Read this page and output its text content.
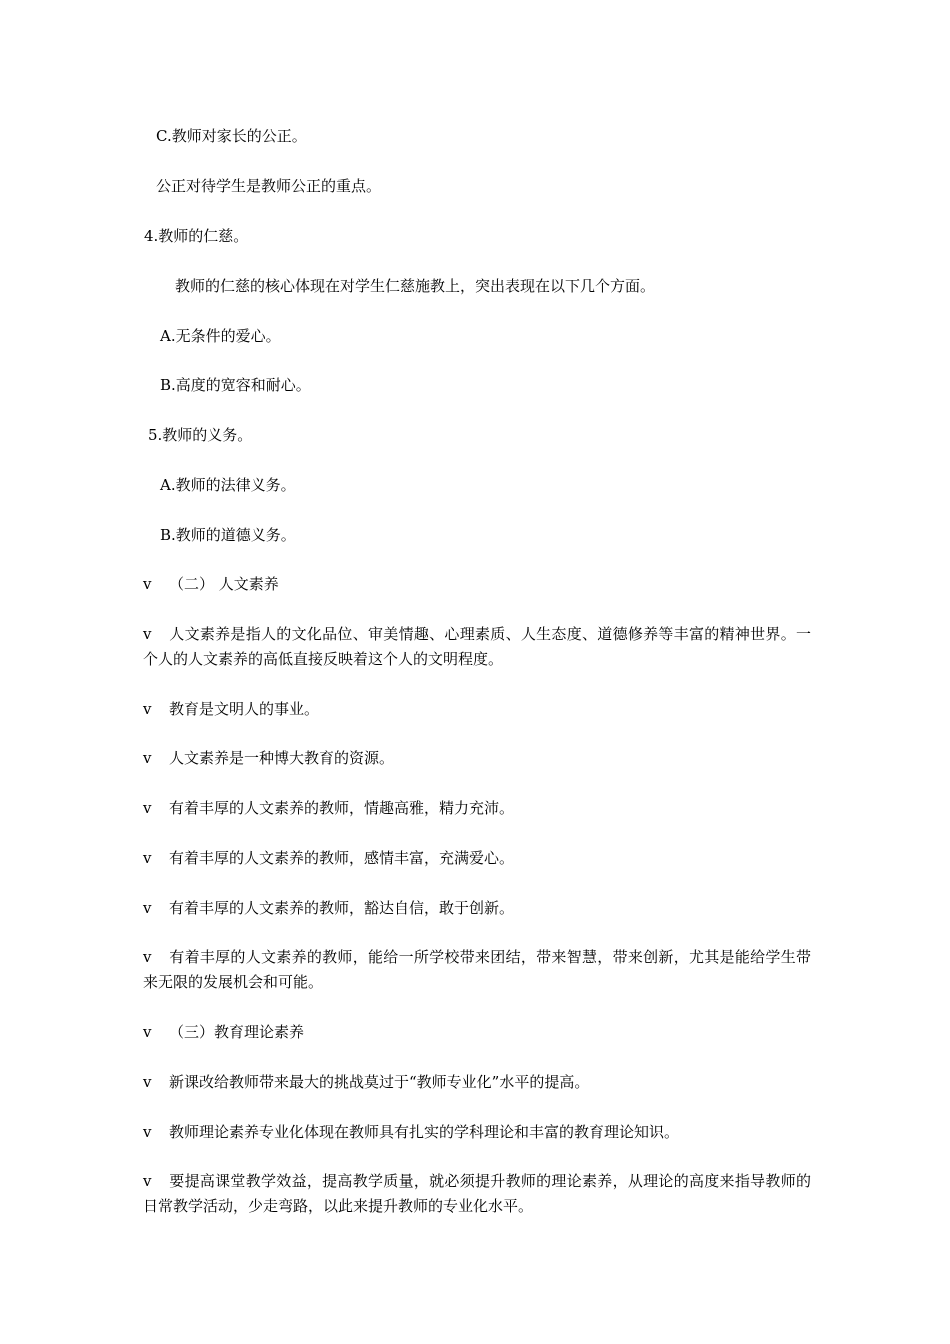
C.教师对家长的公正。
公正对待学生是教师公正的重点。
4.教师的仁慈。
教师的仁慈的核心体现在对学生仁慈施教上，突出表现在以下几个方面。
A.无条件的爱心。
B.高度的宽容和耐心。
5.教师的义务。
A.教师的法律义务。
B.教师的道德义务。
v （二） 人文素养
v 人文素养是指人的文化品位、审美情趣、心理素质、人生态度、道德修养等丰富的精神世界。一个人的人文素养的高低直接反映着这个人的文明程度。
v 教育是文明人的事业。
v 人文素养是一种博大教育的资源。
v 有着丰厚的人文素养的教师，情趣高雅，精力充沛。
v 有着丰厚的人文素养的教师，感情丰富，充满爱心。
v 有着丰厚的人文素养的教师，豁达自信，敢于创新。
v 有着丰厚的人文素养的教师，能给一所学校带来团结，带来智慧，带来创新，尤其是能给学生带来无限的发展机会和可能。
v （三）教育理论素养
v 新课改给教师带来最大的挑战莫过于“教师专业化”水平的提高。
v 教师理论素养专业化体现在教师具有扎实的学科理论和丰富的教育理论知识。
v 要提高课堂教学效益，提高教学质量，就必须提升教师的理论素养，从理论的高度来指导教师的日常教学活动，少走弯路，以此来提升教师的专业化水平。
